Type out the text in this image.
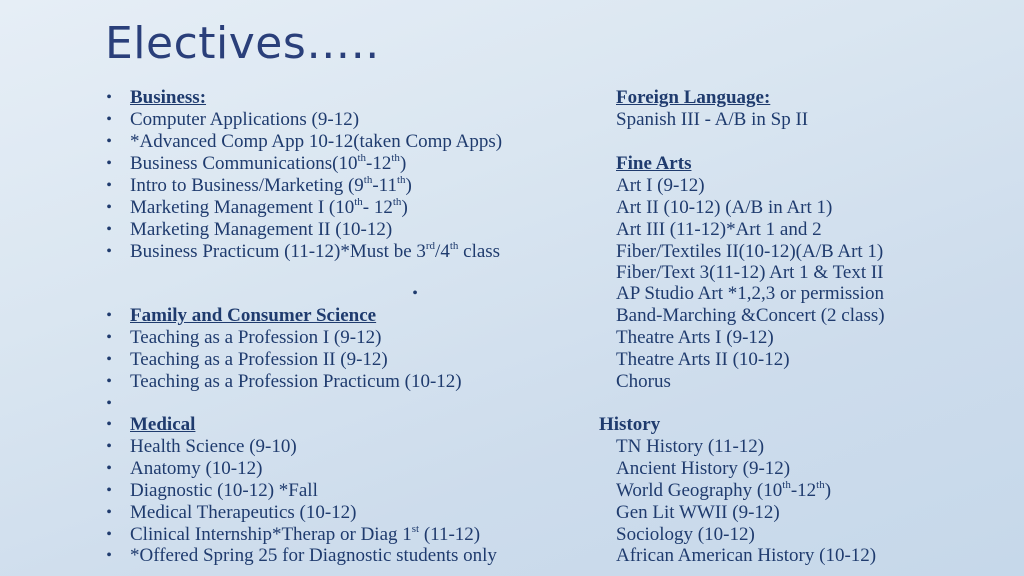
Electives…..
•
•
•
•
•
•
•
•
•
•
•
•
•
•
•
•
•
•
•
•
•
Business:
Computer Applications (9-12)
*Advanced Comp App 10-12(taken Comp Apps)
Business Communications(10th-12th)
Intro to Business/Marketing (9th-11th)
Marketing Management I (10th- 12th)
Marketing Management II (10-12)
Business Practicum (11-12)*Must be 3rd/4th class
Family and Consumer Science
Teaching as a Profession I (9-12)
Teaching as a Profession II (9-12)
Teaching as a Profession Practicum (10-12)
Medical
Health Science (9-10)
Anatomy (10-12)
Diagnostic (10-12) *Fall
Medical Therapeutics (10-12)
Clinical Internship*Therap or Diag 1st (11-12)
*Offered Spring 25 for Diagnostic students only
Foreign Language:
Spanish III - A/B in Sp II
Fine Arts
Art I (9-12)
Art II (10-12) (A/B in Art 1)
Art III (11-12)*Art 1 and 2
Fiber/Textiles II(10-12)(A/B Art 1)
Fiber/Text 3(11-12) Art 1 & Text II
AP Studio Art *1,2,3 or permission
Band-Marching &Concert (2 class)
Theatre Arts I (9-12)
Theatre Arts II (10-12)
Chorus
History
TN History (11-12)
Ancient History (9-12)
World Geography (10th-12th)
Gen Lit WWII (9-12)
Sociology (10-12)
African American History (10-12)
